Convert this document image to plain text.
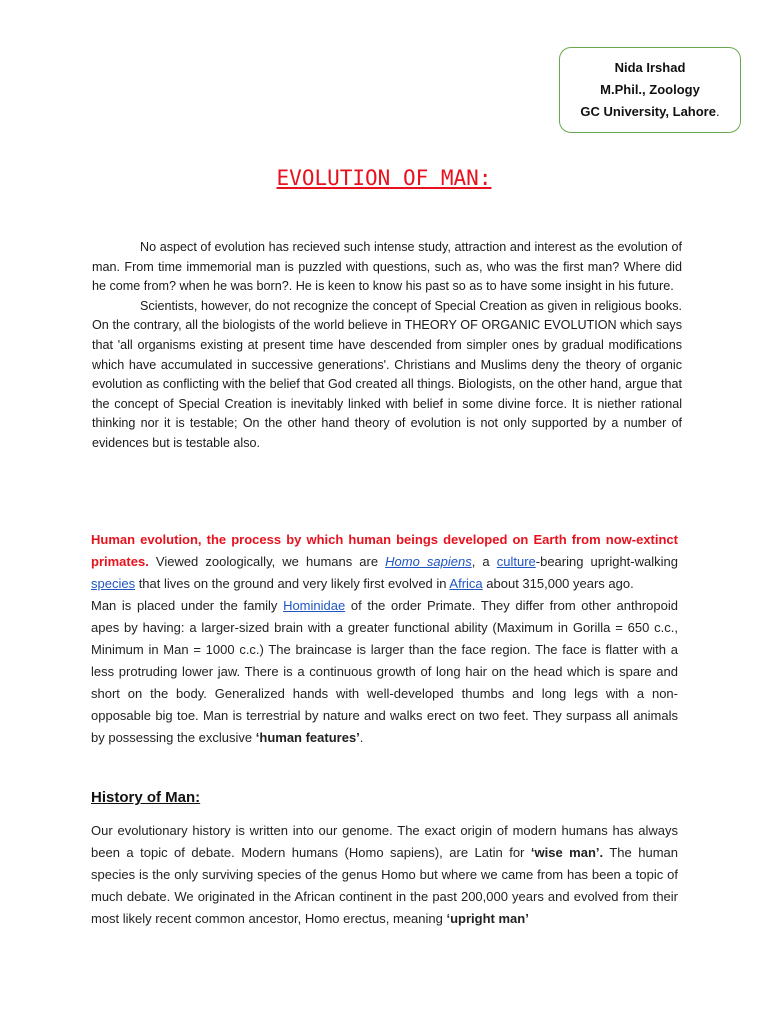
Nida Irshad
M.Phil., Zoology
GC University, Lahore.
EVOLUTION OF MAN:

No aspect of evolution has recieved such intense study, attraction and interest as the evolution of man. From time immemorial man is puzzled with questions, such as, who was the first man? Where did he come from? when he was born?. He is keen to know his past so as to have some insight in his future.

Scientists, however, do not recognize the concept of Special Creation as given in religious books. On the contrary, all the biologists of the world believe in THEORY OF ORGANIC EVOLUTION which says that 'all organisms existing at present time have descended from simpler ones by gradual modifications which have accumulated in successive generations'. Christians and Muslims deny the theory of organic evolution as conflicting with the belief that God created all things. Biologists, on the other hand, argue that the concept of Special Creation is inevitably linked with belief in some divine force. It is niether rational thinking nor it is testable; On the other hand theory of evolution is not only supported by a number of evidences but is testable also.

Human evolution, the process by which human beings developed on Earth from now-extinct primates. Viewed zoologically, we humans are Homo sapiens, a culture-bearing upright-walking species that lives on the ground and very likely first evolved in Africa about 315,000 years ago.

Man is placed under the family Hominidae of the order Primate. They differ from other anthropoid apes by having: a larger-sized brain with a greater functional ability (Maximum in Gorilla = 650 c.c., Minimum in Man = 1000 c.c.) The braincase is larger than the face region. The face is flatter with a less protruding lower jaw. There is a continuous growth of long hair on the head which is spare and short on the body. Generalized hands with well-developed thumbs and long legs with a non-opposable big toe. Man is terrestrial by nature and walks erect on two feet. They surpass all animals by possessing the exclusive ‘human features’.

History of Man:

Our evolutionary history is written into our genome. The exact origin of modern humans has always been a topic of debate. Modern humans (Homo sapiens), are Latin for ‘wise man’. The human species is the only surviving species of the genus Homo but where we came from has been a topic of much debate. We originated in the African continent in the past 200,000 years and evolved from their most likely recent common ancestor, Homo erectus, meaning ‘upright man’
